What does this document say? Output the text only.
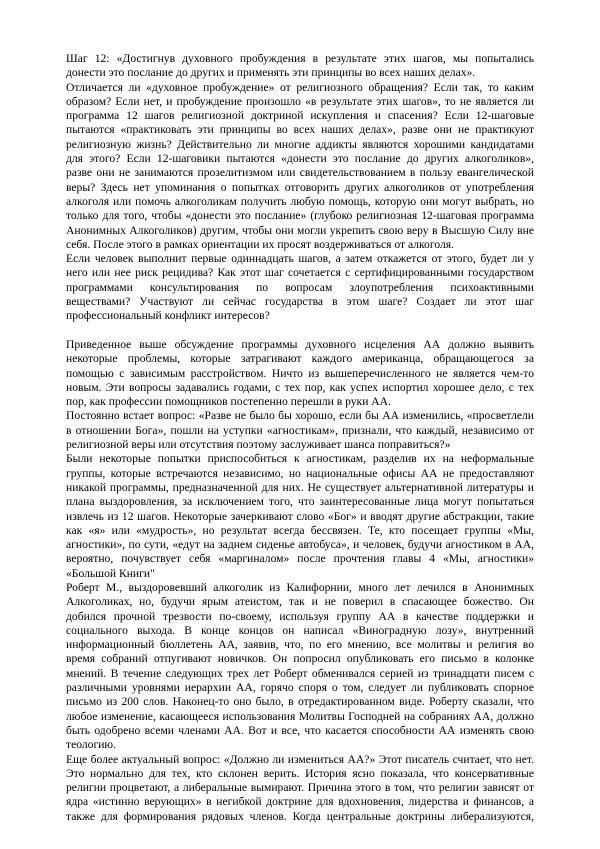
Шаг 12: «Достигнув духовного пробуждения в результате этих шагов, мы попытались
донести это послание до других и применять эти принципы во всех наших делах».
Отличается ли «духовное пробуждение» от религиозного обращения? Если так, то каким
образом? Если нет, и пробуждение произошло «в результате этих шагов», то не является ли
программа 12 шагов религиозной доктриной искупления и спасения? Если 12-шаговые
пытаются «практиковать эти принципы во всех наших делах», разве они не практикуют
религиозную жизнь? Действительно ли многие аддикты являются хорошими кандидатами
для этого? Если 12-шаговики пытаются «донести это послание до других алкоголиков»,
разве они не занимаются прозелитизмом или свидетельствованием в пользу евангелической
веры? Здесь нет упоминания о попытках отговорить других алкоголиков от употребления
алкоголя или помочь алкоголикам получить любую помощь, которую они могут выбрать, но
только для того, чтобы «донести это послание» (глубоко религиозная 12-шаговая программа
Анонимных Алкоголиков) другим, чтобы они могли укрепить свою веру в Высшую Силу вне
себя. После этого в рамках ориентации их просят воздерживаться от алкоголя.
Если человек выполнит первые одиннадцать шагов, а затем откажется от этого, будет ли у
него или нее риск рецидива? Как этот шаг сочетается с сертифицированными государством
программами консультирования по вопросам злоупотребления психоактивными
веществами? Участвуют ли сейчас государства в этом шаге? Создает ли этот шаг
профессиональный конфликт интересов?
Приведенное выше обсуждение программы духовного исцеления АА должно выявить
некоторые проблемы, которые затрагивают каждого американца, обращающегося за
помощью с зависимым расстройством. Ничто из вышеперечисленного не является чем-то
новым. Эти вопросы задавались годами, с тех пор, как успех испортил хорошее дело, с тех
пор, как профессии помощников постепенно перешли в руки АА.
Постоянно встает вопрос: «Разве не было бы хорошо, если бы АА изменились, «просветлели
в отношении Бога», пошли на уступки «агностикам», признали, что каждый, независимо от
религиозной веры или отсутствия поэтому заслуживает шанса поправиться?»
Были некоторые попытки приспособиться к агностикам, разделив их на неформальные
группы, которые встречаются независимо, но национальные офисы АА не предоставляют
никакой программы, предназначенной для них. Не существует альтернативной литературы и
плана выздоровления, за исключением того, что заинтересованные лица могут попытаться
извлечь из 12 шагов. Некоторые зачеркивают слово «Бог» и вводят другие абстракции, такие
как «я» или «мудрость», но результат всегда бессвязен. Те, кто посещает группы «Мы,
агностики», по сути, «едут на заднем сиденье автобуса», и человек, будучи агностиком в АА,
вероятно, почувствует себя «маргиналом» после прочтения главы 4 «Мы, агностики»
«Большой Книги"
Роберт М., выздоровевший алкоголик из Калифорнии, много лет лечился в Анонимных
Алкоголиках, но, будучи ярым атеистом, так и не поверил в спасающее божество. Он
добился прочной трезвости по-своему, используя группу АА в качестве поддержки и
социального выхода. В конце концов он написал «Виноградную лозу», внутренний
информационный бюллетень АА, заявив, что, по его мнению, все молитвы и религия во
время собраний отпугивают новичков. Он попросил опубликовать его письмо в колонке
мнений. В течение следующих трех лет Роберт обменивался серией из тринадцати писем с
различными уровнями иерархии АА, горячо споря о том, следует ли публиковать спорное
письмо из 200 слов. Наконец-то оно было, в отредактированном виде. Роберту сказали, что
любое изменение, касающееся использования Молитвы Господней на собраниях АА, должно
быть одобрено всеми членами АА. Вот и все, что касается способности АА изменять свою
теологию.
Еще более актуальный вопрос: «Должно ли измениться АА?» Этот писатель считает, что нет.
Это нормально для тех, кто склонен верить. История ясно показала, что консервативные
религии процветают, а либеральные вымирают. Причина этого в том, что религии зависят от
ядра «истинно верующих» в негибкой доктрине для вдохновения, лидерства и финансов, а
также для формирования рядовых членов. Когда центральные доктрины либерализуются,
